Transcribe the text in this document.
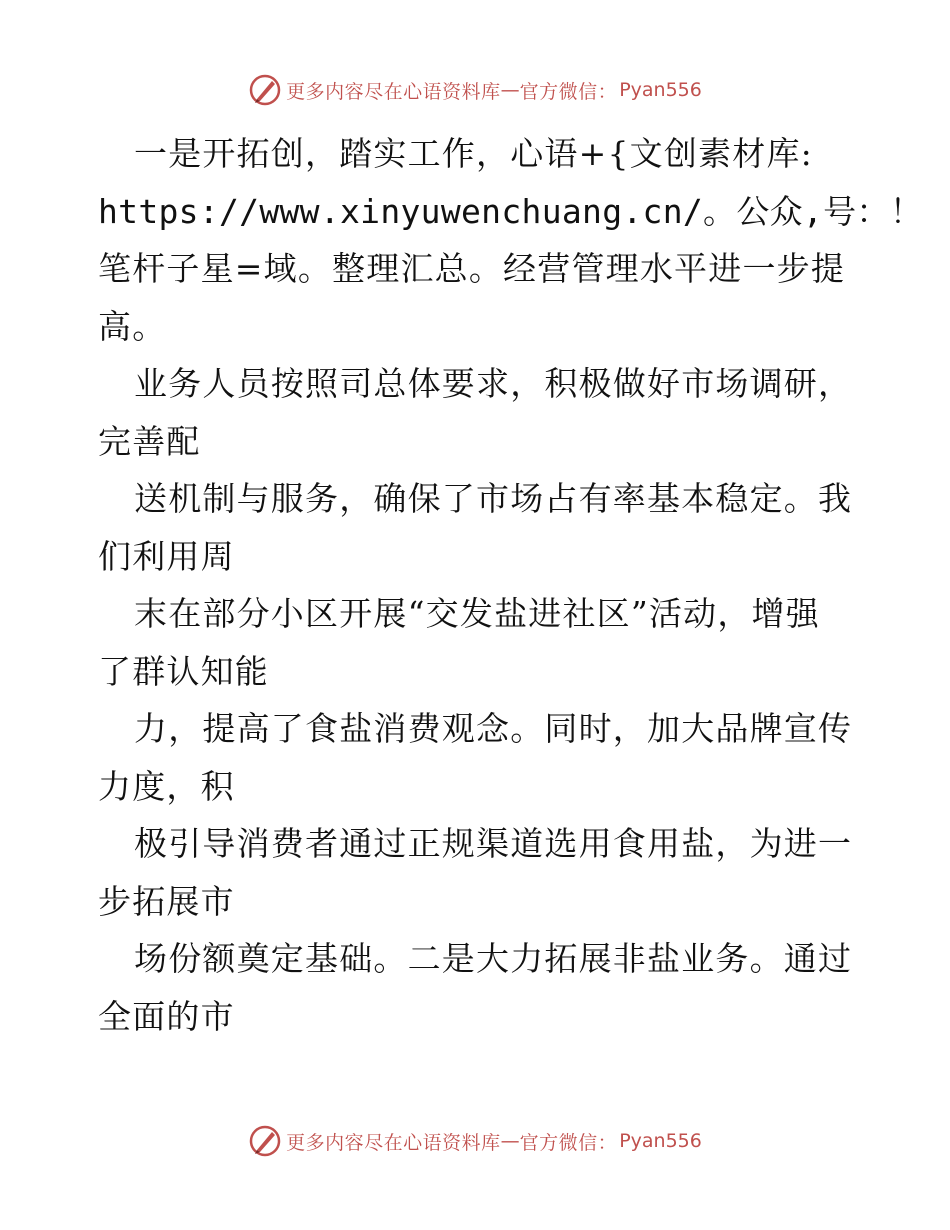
更多内容尽在心语资料库 — 官方微信： Pyan556
一是开拓创，踏实工作，心语+{文创素材库:
https://www.xinyuwenchuang.cn/。公众,号：！
笔杆子星=域。整理汇总。经营管理水平进一步提
高。
业务人员按照司总体要求，积极做好市场调研，
完善配
送机制与服务，确保了市场占有率基本稳定。我
们利用周
末在部分小区开展“交发盐进社区”活动，增强
了群认知能
力，提高了食盐消费观念。同时，加大品牌宣传
力度，积
极引导消费者通过正规渠道选用食用盐，为进一
步拓展市
场份额奠定基础。二是大力拓展非盐业务。通过
全面的市
更多内容尽在心语资料库 — 官方微信： Pyan556
